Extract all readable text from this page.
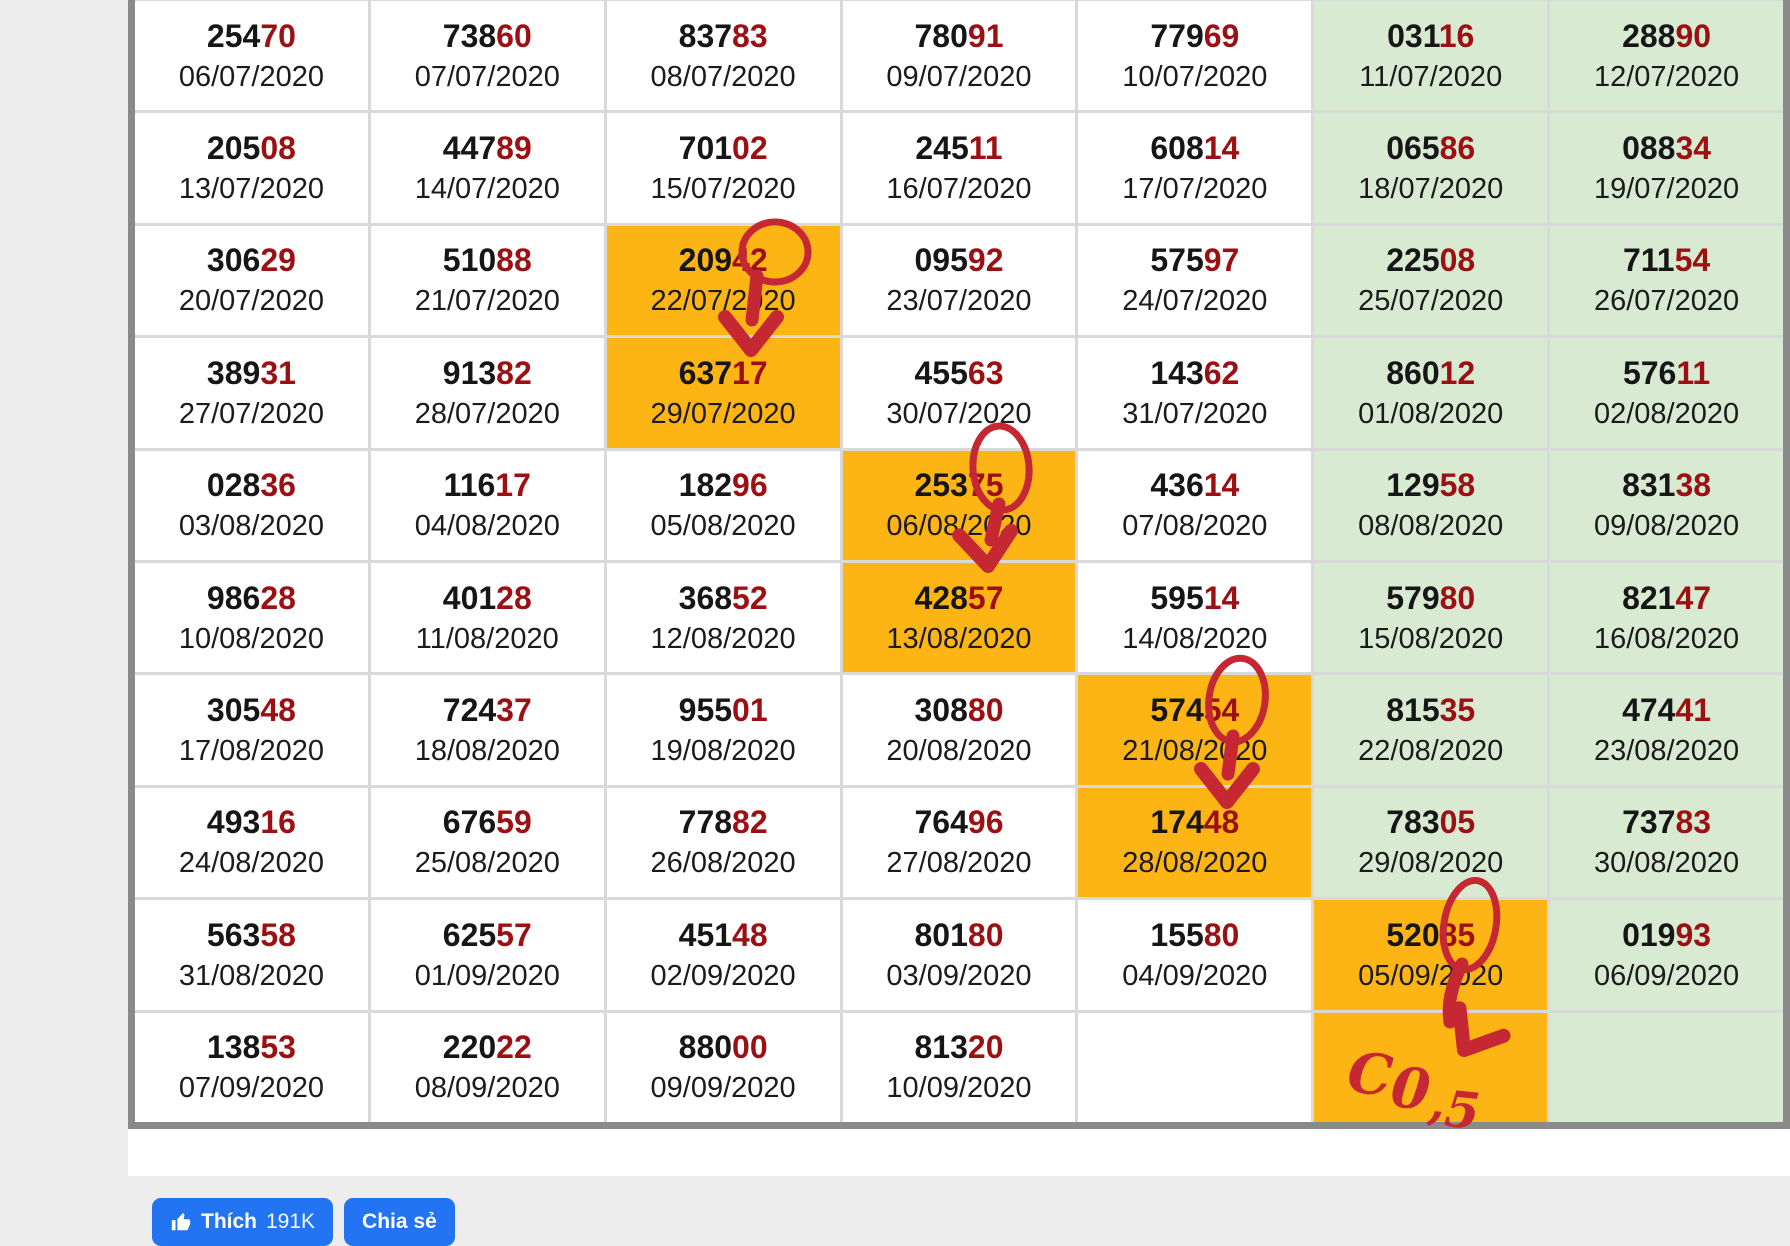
25470
06/07/2020
73860
07/07/2020
83783
08/07/2020
78091
09/07/2020
77969
10/07/2020
03116
11/07/2020
28890
12/07/2020
20508
13/07/2020
44789
14/07/2020
70102
15/07/2020
24511
16/07/2020
60814
17/07/2020
06586
18/07/2020
08834
19/07/2020
30629
20/07/2020
51088
21/07/2020
20942
22/07/2020
09592
23/07/2020
57597
24/07/2020
22508
25/07/2020
71154
26/07/2020
38931
27/07/2020
91382
28/07/2020
63717
29/07/2020
45563
30/07/2020
14362
31/07/2020
86012
01/08/2020
57611
02/08/2020
02836
03/08/2020
11617
04/08/2020
18296
05/08/2020
25375
06/08/2020
43614
07/08/2020
12958
08/08/2020
83138
09/08/2020
98628
10/08/2020
40128
11/08/2020
36852
12/08/2020
42857
13/08/2020
59514
14/08/2020
57980
15/08/2020
82147
16/08/2020
30548
17/08/2020
72437
18/08/2020
95501
19/08/2020
30880
20/08/2020
57454
21/08/2020
81535
22/08/2020
47441
23/08/2020
49316
24/08/2020
67659
25/08/2020
77882
26/08/2020
76496
27/08/2020
17448
28/08/2020
78305
29/08/2020
73783
30/08/2020
56358
31/08/2020
62557
01/09/2020
45148
02/09/2020
80180
03/09/2020
15580
04/09/2020
52085
05/09/2020
01993
06/09/2020
13853
07/09/2020
22022
08/09/2020
88000
09/09/2020
81320
10/09/2020	C0,5
Thích 191K Chia sẻ
